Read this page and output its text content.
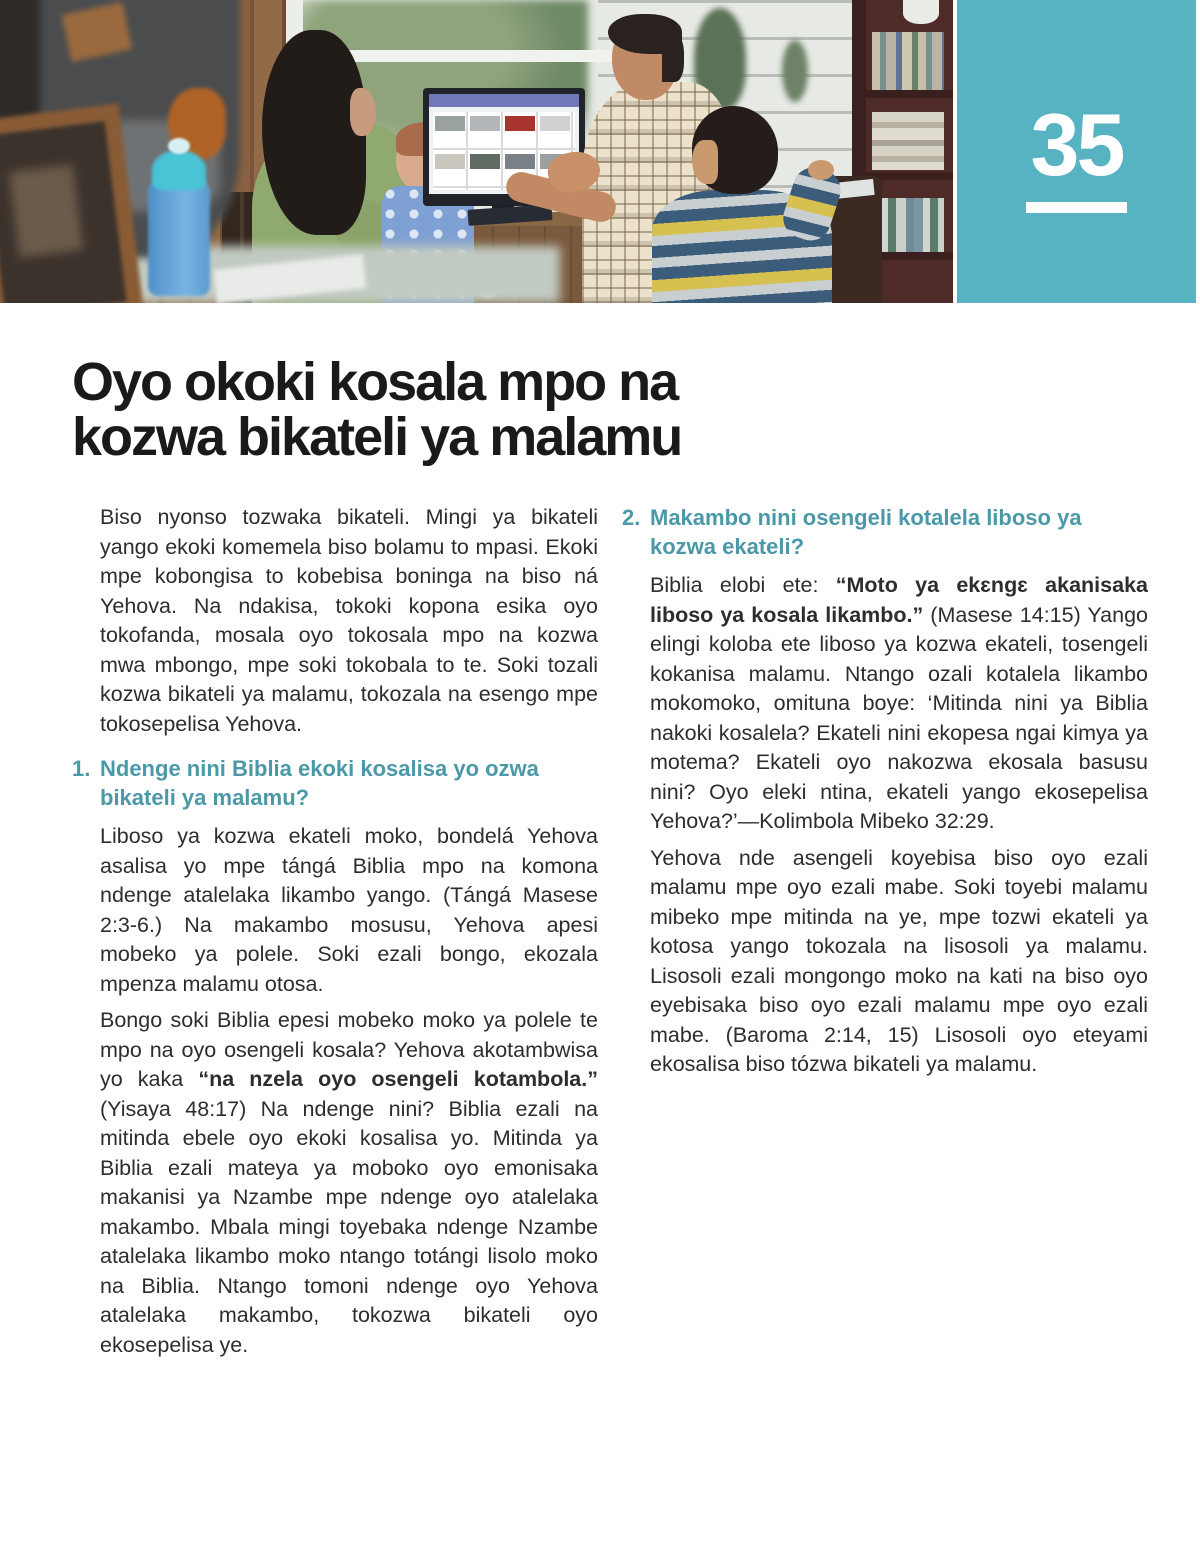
35
Oyo okoki kosala mpo na
kozwa bikateli ya malamu

Biso nyonso tozwaka bikateli. Mingi ya bikateli yango ekoki komemela biso bolamu to mpasi. Ekoki mpe kobongisa to kobebisa boninga na biso ná Yehova. Na ndakisa, tokoki kopona esika oyo tokofanda, mosala oyo tokosala mpo na kozwa mwa mbongo, mpe soki tokobala to te. Soki tozali kozwa bikateli ya malamu, tokozala na esengo mpe tokosepelisa Yehova.

1. Ndenge nini Biblia ekoki kosalisa yo ozwa bikateli ya malamu?

Liboso ya kozwa ekateli moko, bondelá Yehova asalisa yo mpe tángá Biblia mpo na komona ndenge atalelaka likambo yango. (Tángá Masese 2:3-6.) Na makambo mosusu, Yehova apesi mobeko ya polele. Soki ezali bongo, ekozala mpenza malamu otosa.

Bongo soki Biblia epesi mobeko moko ya polele te mpo na oyo osengeli kosala? Yehova akotambwisa yo kaka “na nzela oyo osengeli kotambola.” (Yisaya 48:17) Na ndenge nini? Biblia ezali na mitinda ebele oyo ekoki kosalisa yo. Mitinda ya Biblia ezali mateya ya moboko oyo emonisaka makanisi ya Nzambe mpe ndenge oyo atalelaka makambo. Mbala mingi toyebaka ndenge Nzambe atalelaka likambo moko ntango totángi lisolo moko na Biblia. Ntango tomoni ndenge oyo Yehova atalelaka makambo, tokozwa bikateli oyo ekosepelisa ye.

2. Makambo nini osengeli kotalela liboso ya kozwa ekateli?

Biblia elobi ete: “Moto ya ekɛngɛ akanisaka liboso ya kosala likambo.” (Masese 14:15) Yango elingi koloba ete liboso ya kozwa ekateli, tosengeli kokanisa malamu. Ntango ozali kotalela likambo mokomoko, omituna boye: ‘Mitinda nini ya Biblia nakoki kosalela? Ekateli nini ekopesa ngai kimya ya motema? Ekateli oyo nakozwa ekosala basusu nini? Oyo eleki ntina, ekateli yango ekosepelisa Yehova?’—Kolimbola Mibeko 32:29.

Yehova nde asengeli koyebisa biso oyo ezali malamu mpe oyo ezali mabe. Soki toyebi malamu mibeko mpe mitinda na ye, mpe tozwi ekateli ya kotosa yango tokozala na lisosoli ya malamu. Lisosoli ezali mongongo moko na kati na biso oyo eyebisaka biso oyo ezali malamu mpe oyo ezali mabe. (Baroma 2:14, 15) Lisosoli oyo eteyami ekosalisa biso tózwa bikateli ya malamu.
